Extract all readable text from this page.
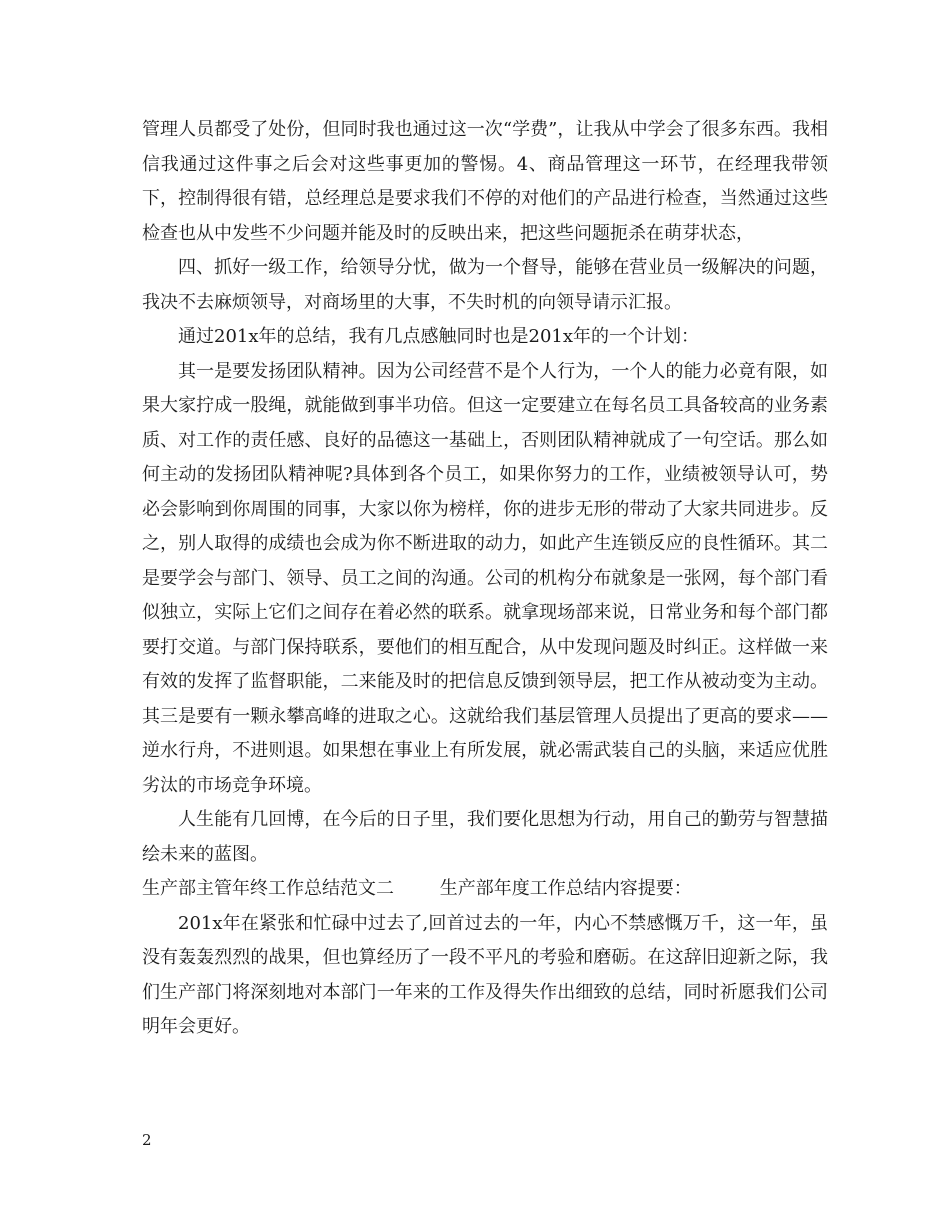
管理人员都受了处份，但同时我也通过这一次“学费”，让我从中学会了很多东西。我相信我通过这件事之后会对这些事更加的警惕。4、商品管理这一环节，在经理我带领下，控制得很有错，总经理总是要求我们不停的对他们的产品进行检查，当然通过这些检查也从中发些不少问题并能及时的反映出来，把这些问题扼杀在萌芽状态，

四、抓好一级工作，给领导分忧，做为一个督导，能够在营业员一级解决的问题，我决不去麻烦领导，对商场里的大事，不失时机的向领导请示汇报。

通过201x年的总结，我有几点感触同时也是201x年的一个计划：

其一是要发扬团队精神。因为公司经营不是个人行为，一个人的能力必竟有限，如果大家拧成一股绳，就能做到事半功倍。但这一定要建立在每名员工具备较高的业务素质、对工作的责任感、良好的品德这一基础上，否则团队精神就成了一句空话。那么如何主动的发扬团队精神呢?具体到各个员工，如果你努力的工作，业绩被领导认可，势必会影响到你周围的同事，大家以你为榜样，你的进步无形的带动了大家共同进步。反之，别人取得的成绩也会成为你不断进取的动力，如此产生连锁反应的良性循环。其二是要学会与部门、领导、员工之间的沟通。公司的机构分布就象是一张网，每个部门看似独立，实际上它们之间存在着必然的联系。就拿现场部来说，日常业务和每个部门都要打交道。与部门保持联系，要他们的相互配合，从中发现问题及时纠正。这样做一来有效的发挥了监督职能，二来能及时的把信息反馈到领导层，把工作从被动变为主动。其三是要有一颗永攀高峰的进取之心。这就给我们基层管理人员提出了更高的要求——逆水行舟，不进则退。如果想在事业上有所发展，就必需武装自己的头脑，来适应优胜劣汰的市场竞争环境。

人生能有几回博，在今后的日子里，我们要化思想为行动，用自己的勤劳与智慧描绘未来的蓝图。

生产部主管年终工作总结范文二	生产部年度工作总结内容提要：

201x年在紧张和忙碌中过去了,回首过去的一年，内心不禁感慨万千，这一年，虽没有轰轰烈烈的战果，但也算经历了一段不平凡的考验和磨砺。在这辞旧迎新之际，我们生产部门将深刻地对本部门一年来的工作及得失作出细致的总结，同时祈愿我们公司明年会更好。

2
